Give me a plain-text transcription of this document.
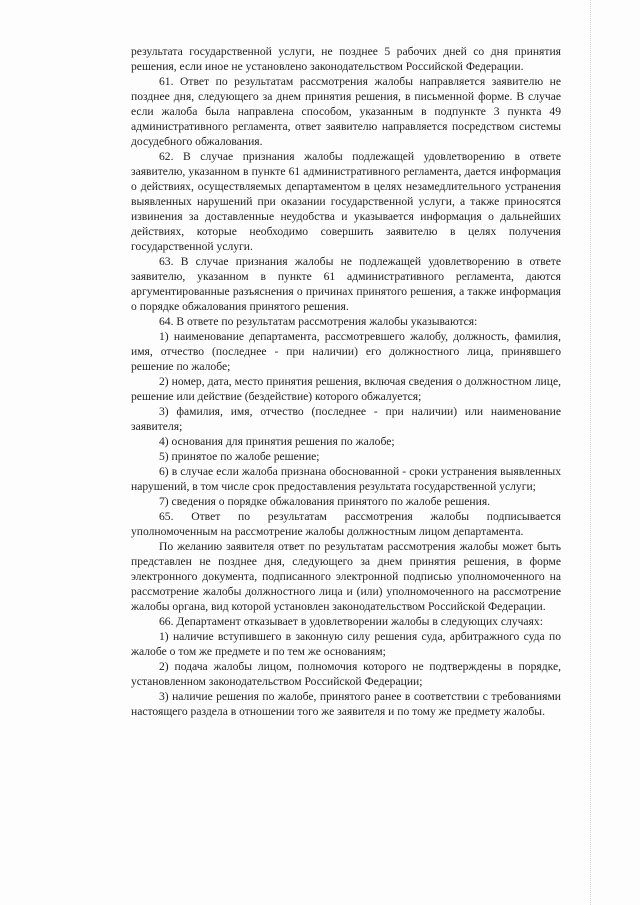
результата государственной услуги, не позднее 5 рабочих дней со дня принятия решения, если иное не установлено законодательством Российской Федерации.

61. Ответ по результатам рассмотрения жалобы направляется заявителю не позднее дня, следующего за днем принятия решения, в письменной форме. В случае если жалоба была направлена способом, указанным в подпункте 3 пункта 49 административного регламента, ответ заявителю направляется посредством системы досудебного обжалования.

62. В случае признания жалобы подлежащей удовлетворению в ответе заявителю, указанном в пункте 61 административного регламента, дается информация о действиях, осуществляемых департаментом в целях незамедлительного устранения выявленных нарушений при оказании государственной услуги, а также приносятся извинения за доставленные неудобства и указывается информация о дальнейших действиях, которые необходимо совершить заявителю в целях получения государственной услуги.

63. В случае признания жалобы не подлежащей удовлетворению в ответе заявителю, указанном в пункте 61 административного регламента, даются аргументированные разъяснения о причинах принятого решения, а также информация о порядке обжалования принятого решения.

64. В ответе по результатам рассмотрения жалобы указываются:

1) наименование департамента, рассмотревшего жалобу, должность, фамилия, имя, отчество (последнее - при наличии) его должностного лица, принявшего решение по жалобе;

2) номер, дата, место принятия решения, включая сведения о должностном лице, решение или действие (бездействие) которого обжалуется;

3) фамилия, имя, отчество (последнее - при наличии) или наименование заявителя;

4) основания для принятия решения по жалобе;

5) принятое по жалобе решение;

6) в случае если жалоба признана обоснованной - сроки устранения выявленных нарушений, в том числе срок предоставления результата государственной услуги;

7) сведения о порядке обжалования принятого по жалобе решения.

65. Ответ по результатам рассмотрения жалобы подписывается уполномоченным на рассмотрение жалобы должностным лицом департамента.

По желанию заявителя ответ по результатам рассмотрения жалобы может быть представлен не позднее дня, следующего за днем принятия решения, в форме электронного документа, подписанного электронной подписью уполномоченного на рассмотрение жалобы должностного лица и (или) уполномоченного на рассмотрение жалобы органа, вид которой установлен законодательством Российской Федерации.

66. Департамент отказывает в удовлетворении жалобы в следующих случаях:

1) наличие вступившего в законную силу решения суда, арбитражного суда по жалобе о том же предмете и по тем же основаниям;

2) подача жалобы лицом, полномочия которого не подтверждены в порядке, установленном законодательством Российской Федерации;

3) наличие решения по жалобе, принятого ранее в соответствии с требованиями настоящего раздела в отношении того же заявителя и по тому же предмету жалобы.
